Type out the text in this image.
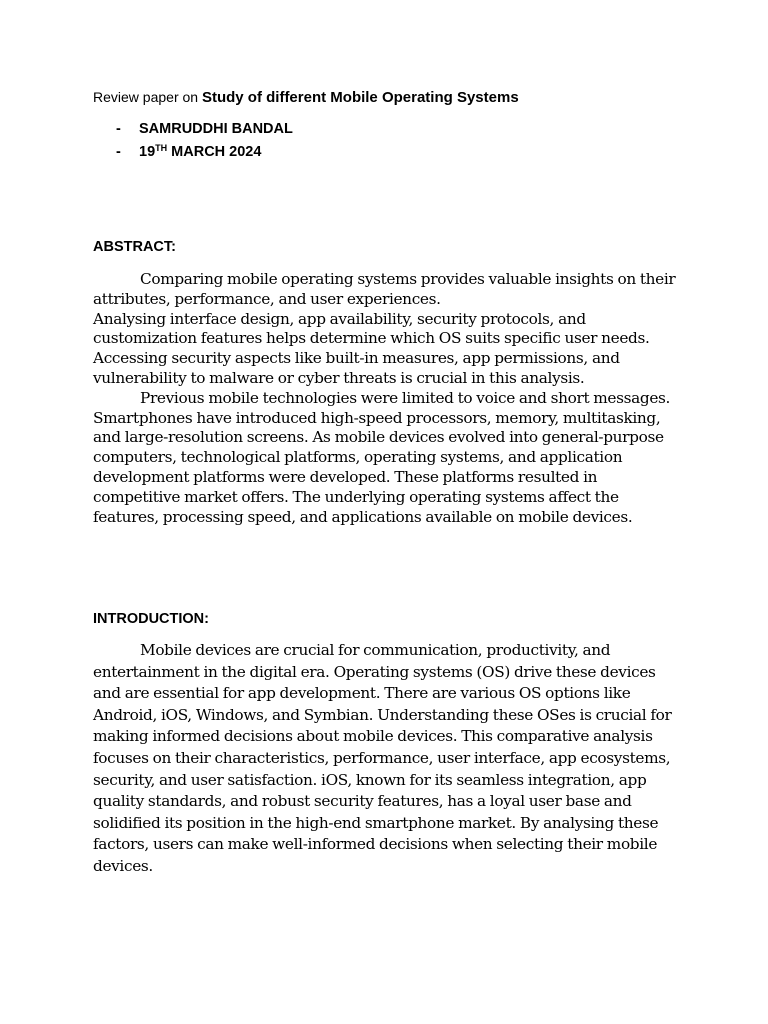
Review paper on Study of different Mobile Operating Systems
- SAMRUDDHI BANDAL
- 19TH MARCH 2024
ABSTRACT:

Comparing mobile operating systems provides valuable insights on their attributes, performance, and user experiences.

Analysing interface design, app availability, security protocols, and customization features helps determine which OS suits specific user needs. Accessing security aspects like built-in measures, app permissions, and vulnerability to malware or cyber threats is crucial in this analysis.

Previous mobile technologies were limited to voice and short messages. Smartphones have introduced high-speed processors, memory, multitasking, and large-resolution screens. As mobile devices evolved into general-purpose computers, technological platforms, operating systems, and application development platforms were developed. These platforms resulted in competitive market offers. The underlying operating systems affect the features, processing speed, and applications available on mobile devices.

INTRODUCTION:

Mobile devices are crucial for communication, productivity, and entertainment in the digital era. Operating systems (OS) drive these devices and are essential for app development. There are various OS options like Android, iOS, Windows, and Symbian. Understanding these OSes is crucial for making informed decisions about mobile devices. This comparative analysis focuses on their characteristics, performance, user interface, app ecosystems, security, and user satisfaction. iOS, known for its seamless integration, app quality standards, and robust security features, has a loyal user base and solidified its position in the high-end smartphone market. By analysing these factors, users can make well-informed decisions when selecting their mobile devices.
